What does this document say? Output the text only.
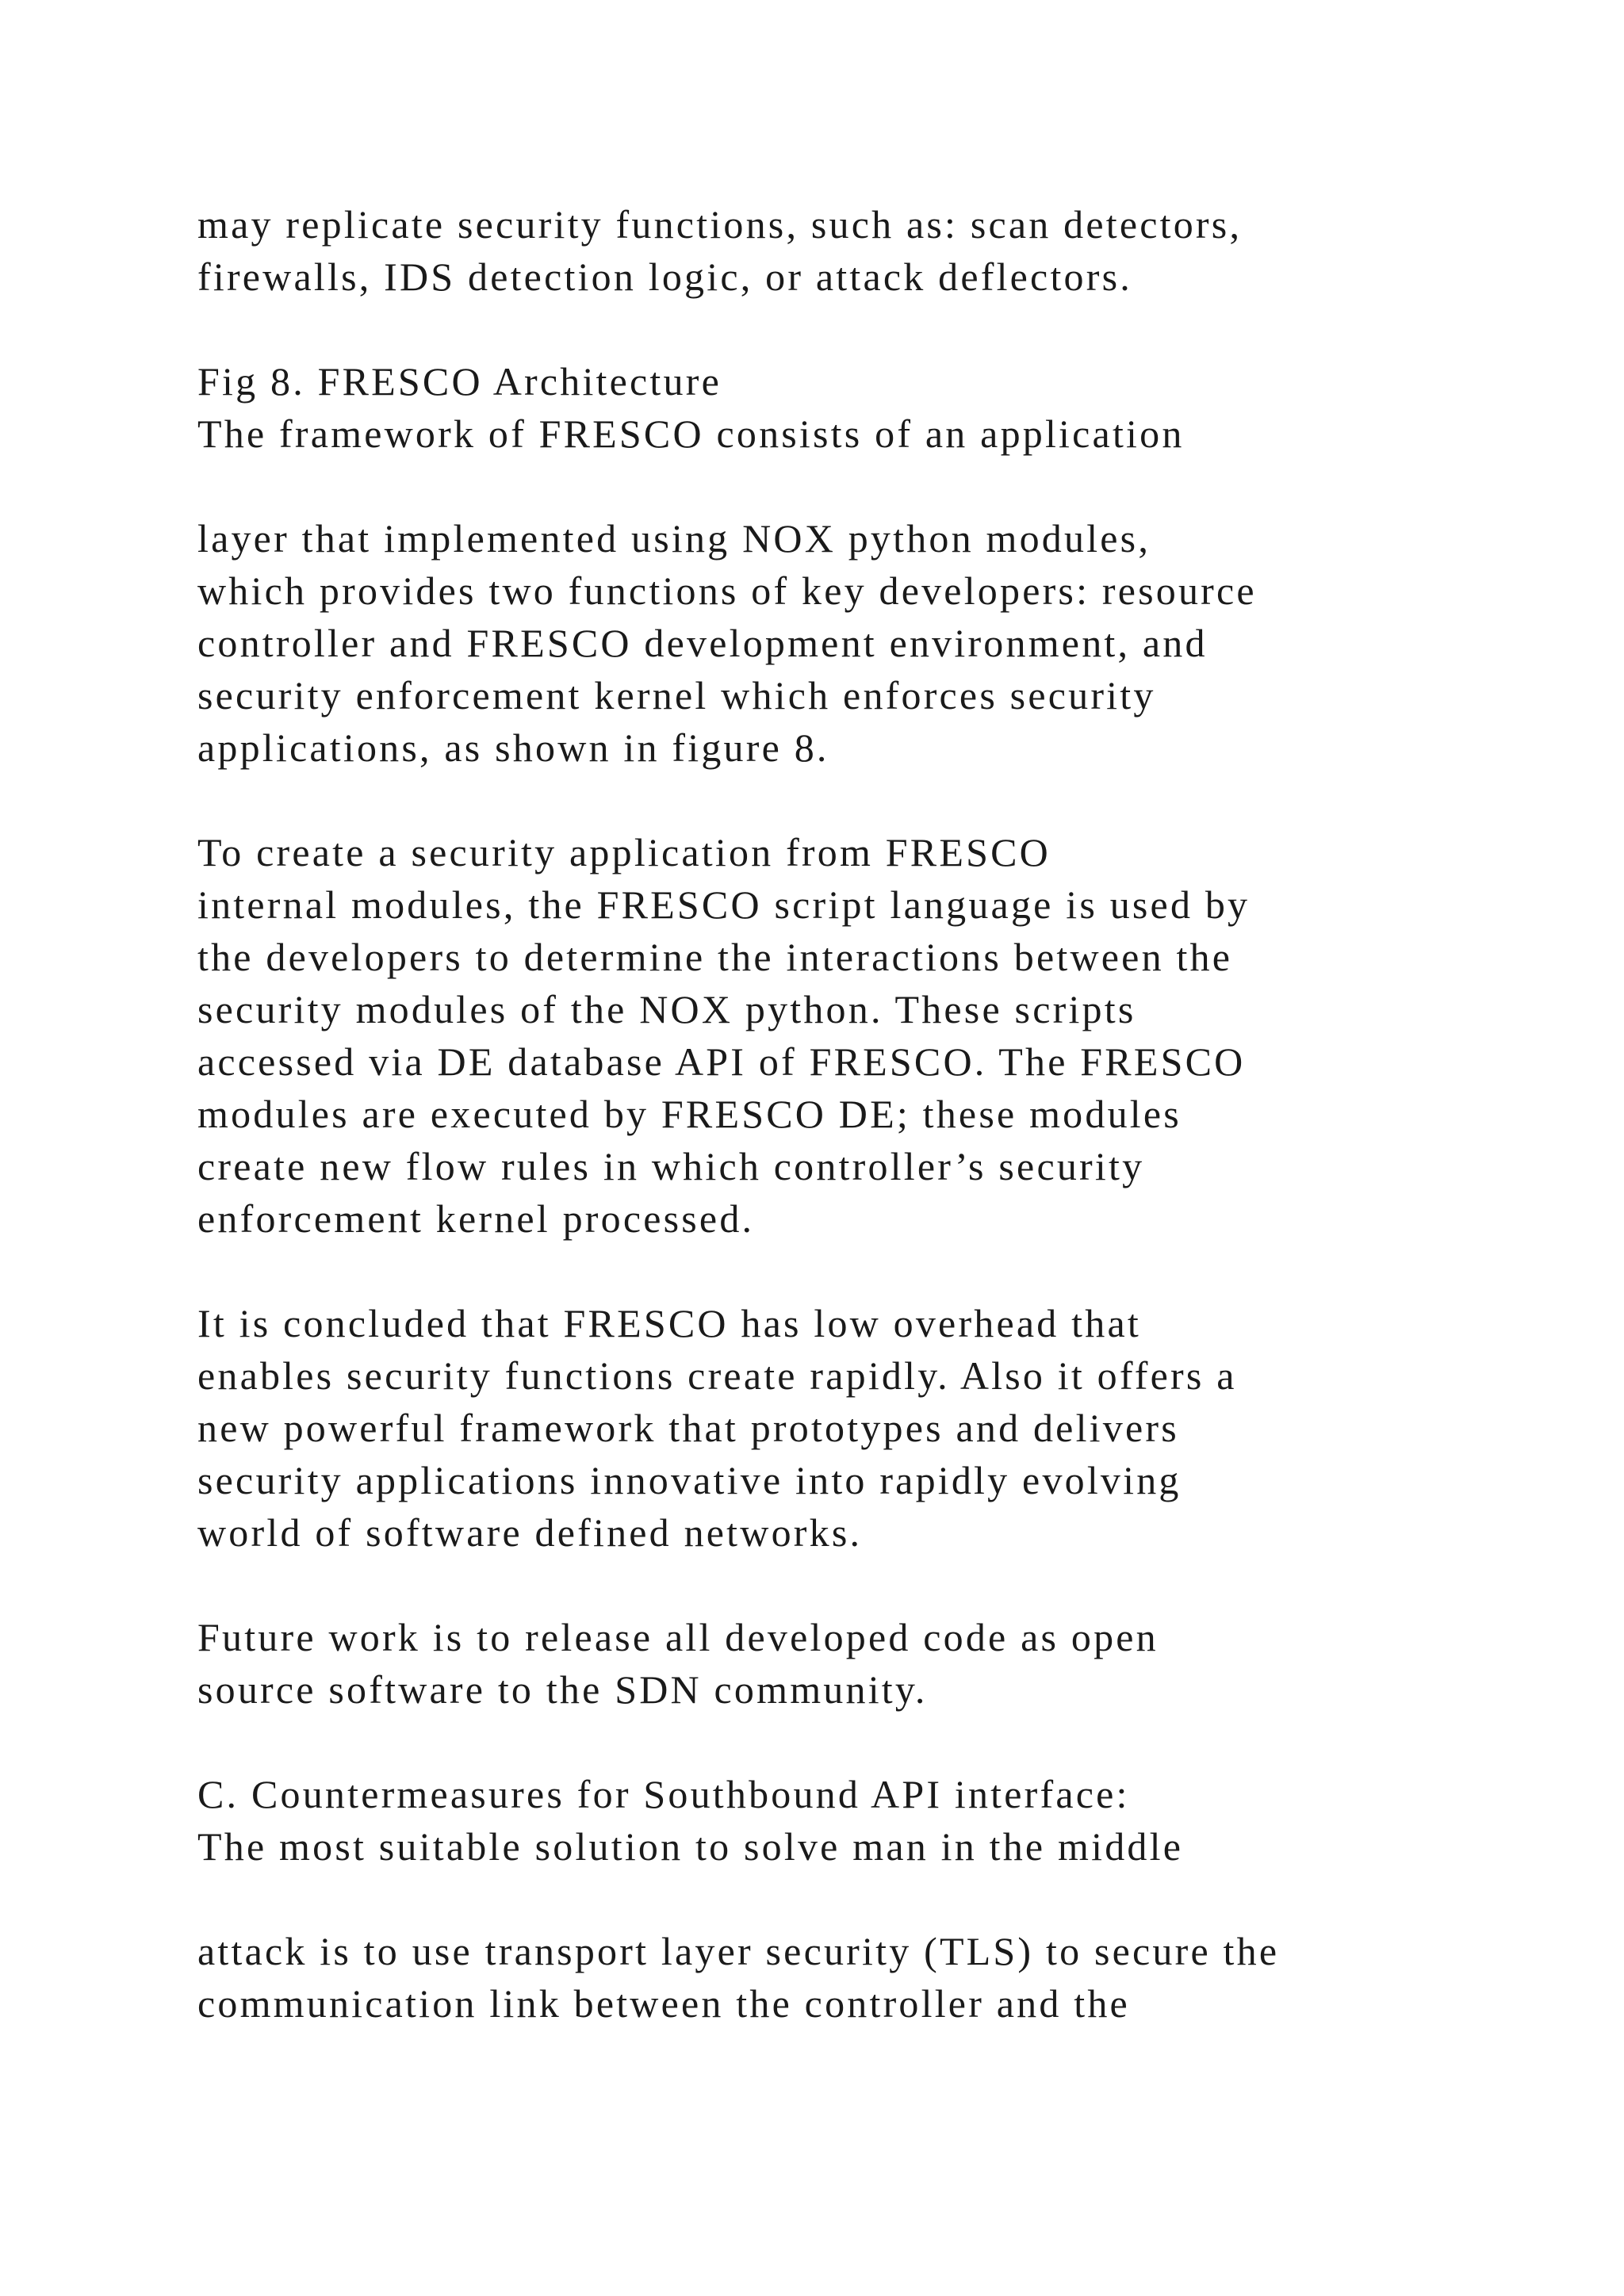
may replicate security functions, such as: scan detectors,

firewalls, IDS detection logic, or attack deflectors.

Fig 8. FRESCO Architecture

The framework of FRESCO consists of an application

layer that implemented using NOX python modules,

which provides two functions of key developers: resource

controller and FRESCO development environment, and

security enforcement kernel which enforces security

applications, as shown in figure 8.

To create a security application from FRESCO

internal modules, the FRESCO script language is used by

the developers to determine the interactions between the

security modules of the NOX python. These scripts

accessed via DE database API of FRESCO. The FRESCO

modules are executed by FRESCO DE; these modules

create new flow rules in which controller’s security

enforcement kernel processed.

It is concluded that FRESCO has low overhead that

enables security functions create rapidly. Also it offers a

new powerful framework that prototypes and delivers

security applications innovative into rapidly evolving

world of software defined networks.

Future work is to release all developed code as open

source software to the SDN community.

C. Countermeasures for Southbound API interface:

The most suitable solution to solve man in the middle

attack is to use transport layer security (TLS) to secure the

communication link between the controller and the
